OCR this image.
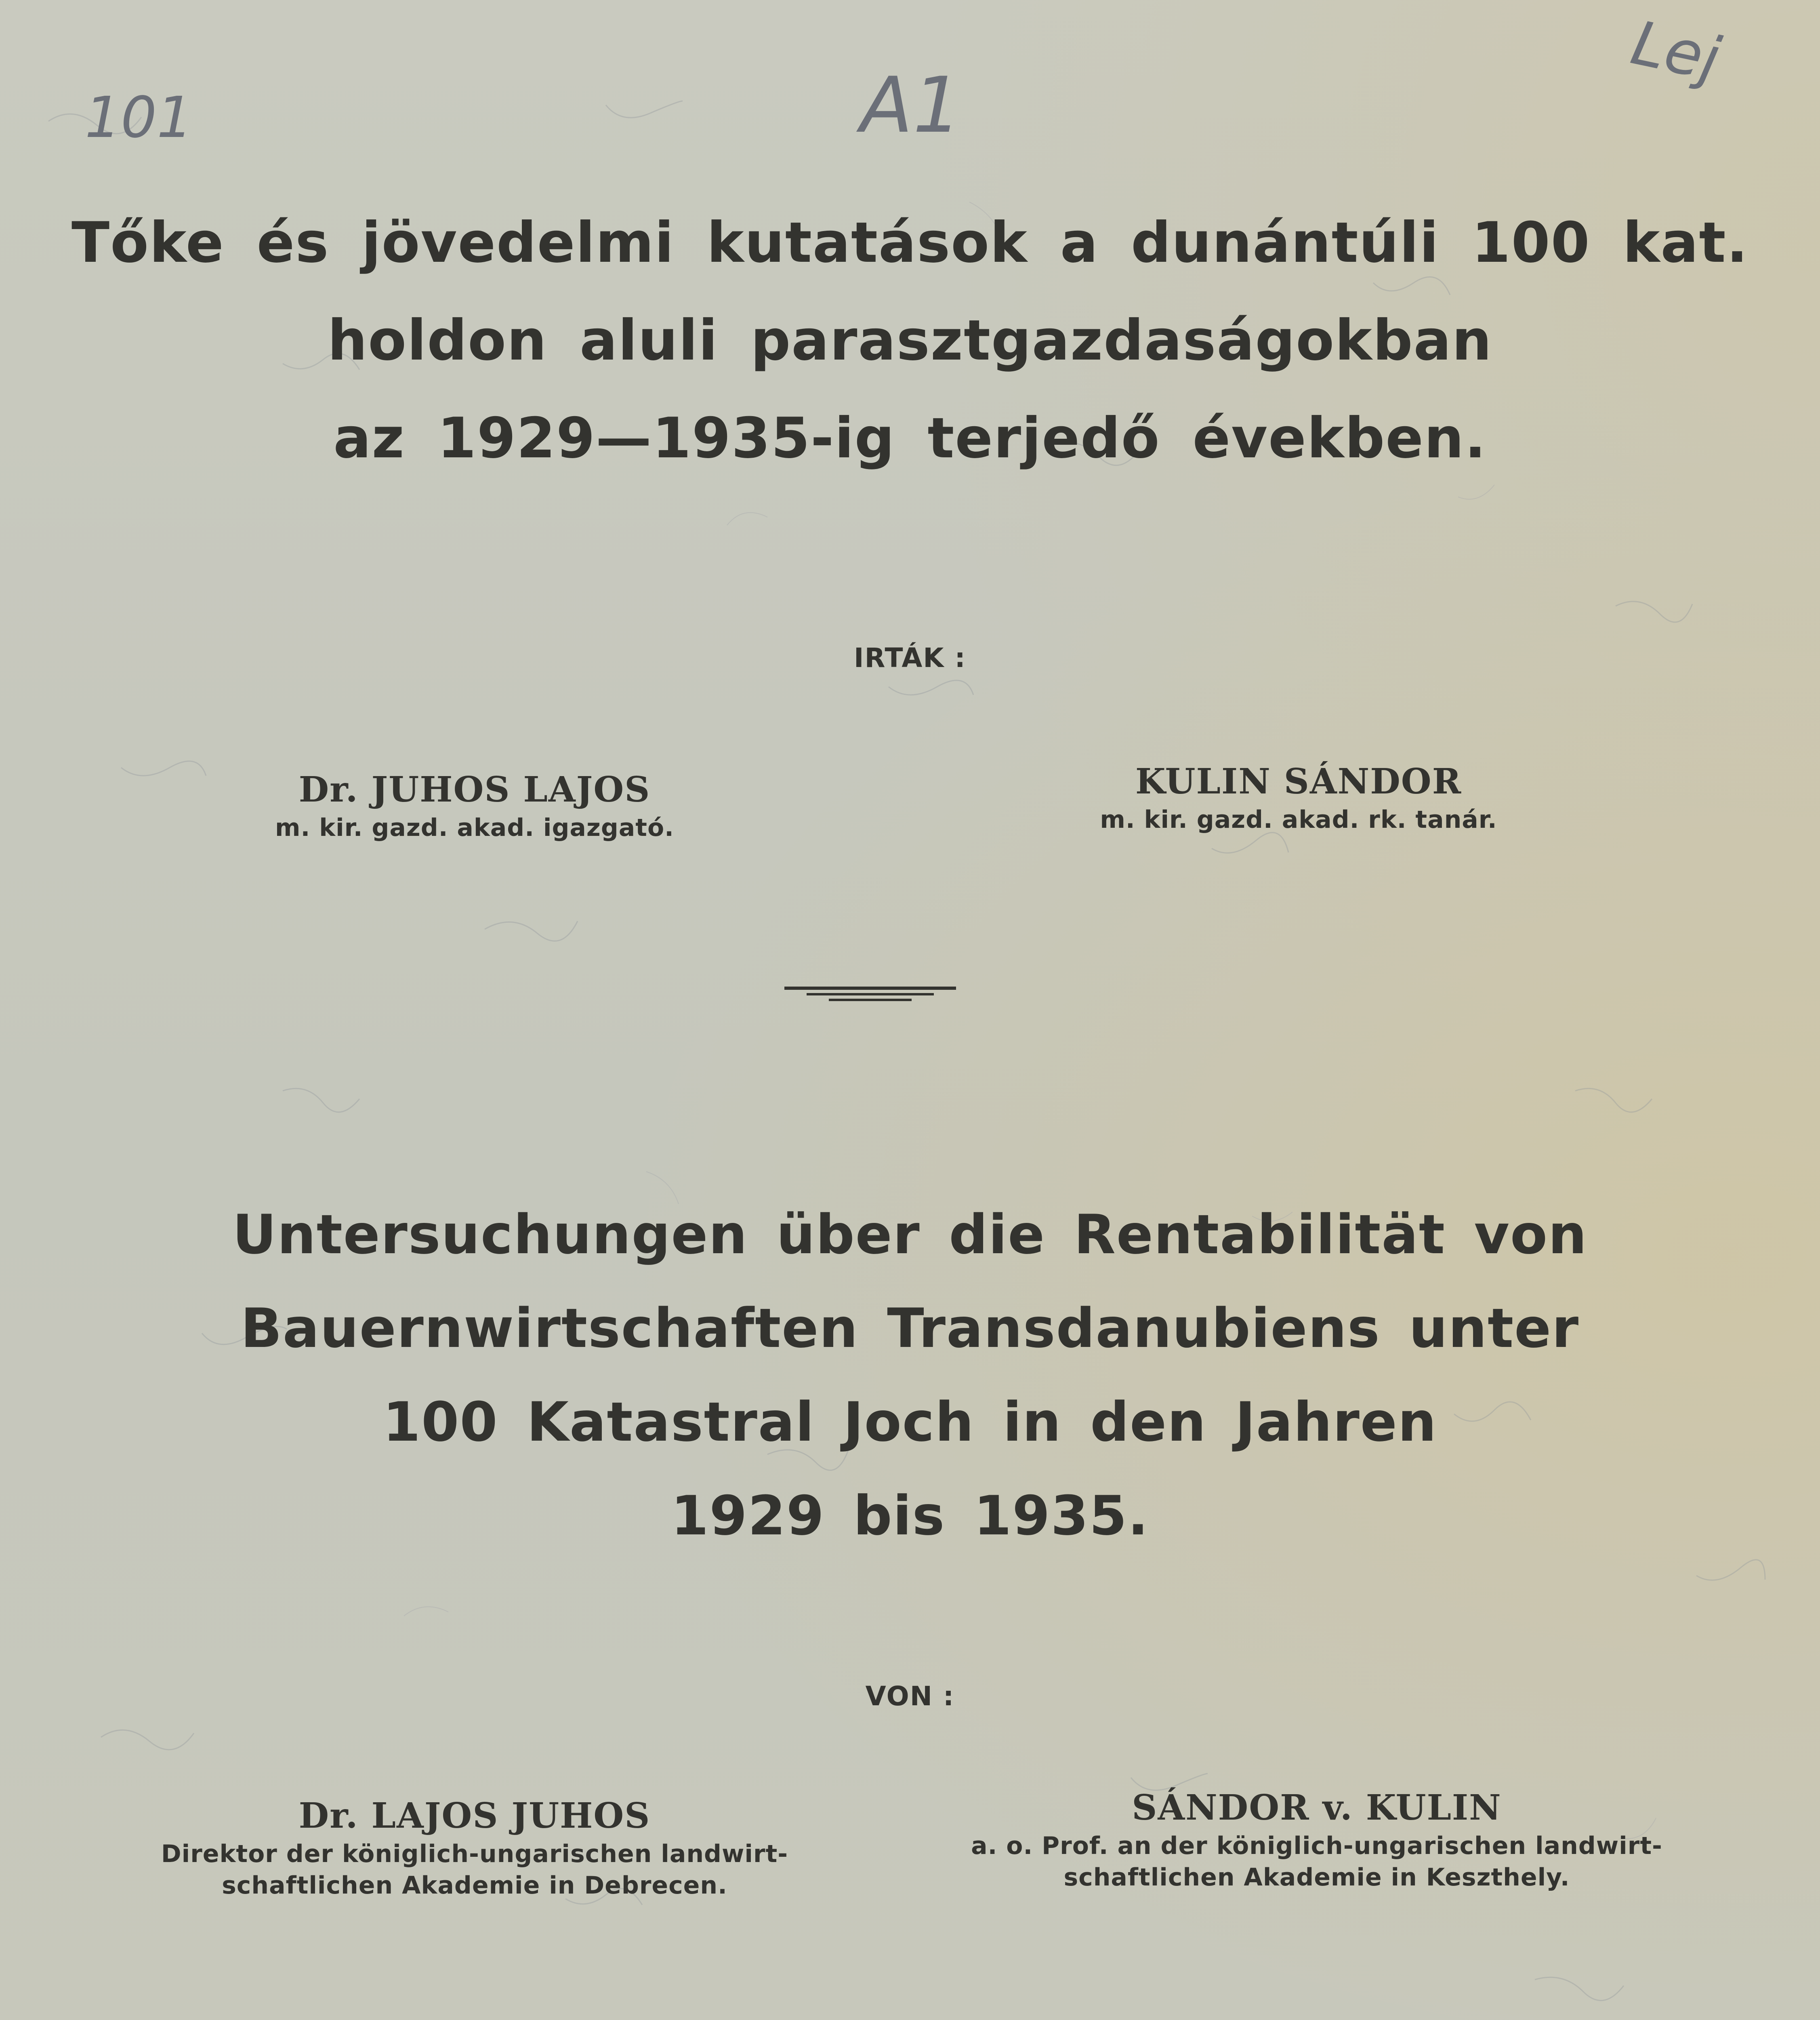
101	A1
Lej
Tőke és jövedelmi kutatások a dunántúli 100 kat.
holdon aluli parasztgazdaságokban
az 1929—1935-ig terjedő években.
IRTÁK :
Dr. JUHOS LAJOS
m. kir. gazd. akad. igazgató.
KULIN SÁNDOR
m. kir. gazd. akad. rk. tanár.
Untersuchungen über die Rentabilität von
Bauernwirtschaften Transdanubiens unter
100 Katastral Joch in den Jahren
1929 bis 1935.
VON :
Dr. LAJOS JUHOS
Direktor der königlich-ungarischen landwirt-
schaftlichen Akademie in Debrecen.
SÁNDOR v. KULIN
a. o. Prof. an der königlich-ungarischen landwirt-
schaftlichen Akademie in Keszthely.
